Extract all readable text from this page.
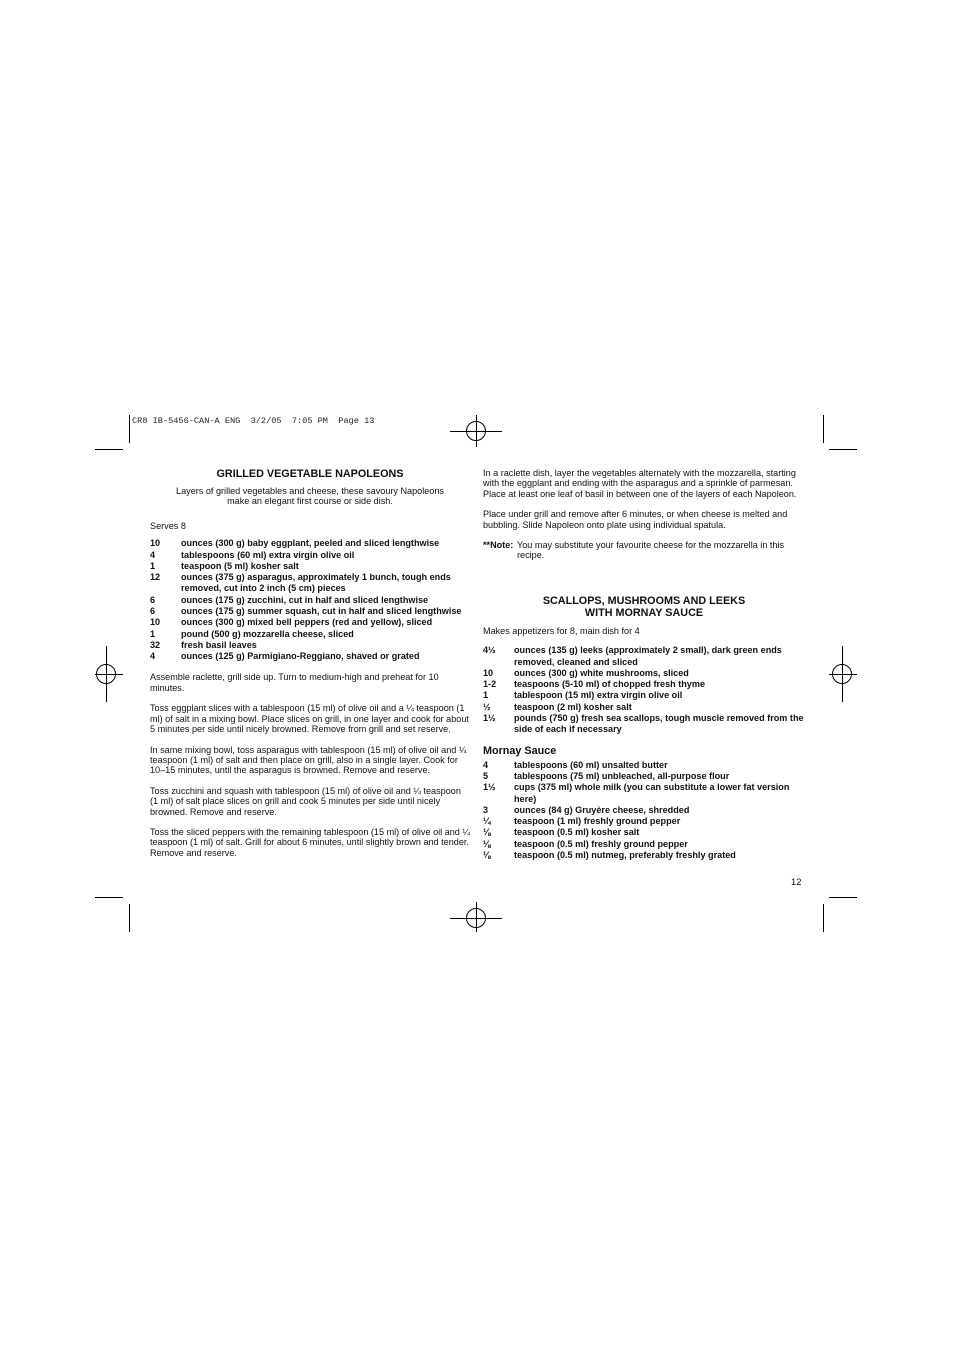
CR8 IB-5456-CAN-A ENG  3/2/05  7:05 PM  Page 13
GRILLED VEGETABLE NAPOLEONS
Layers of grilled vegetables and cheese, these savoury Napoleons
make an elegant first course or side dish.

Serves 8

10	ounces (300 g) baby eggplant, peeled and sliced lengthwise
4	tablespoons (60 ml) extra virgin olive oil
1	teaspoon (5 ml) kosher salt
12	ounces (375 g) asparagus, approximately 1 bunch, tough ends removed, cut into 2 inch (5 cm) pieces
6	ounces (175 g) zucchini, cut in half and sliced lengthwise
6	ounces (175 g) summer squash, cut in half and sliced lengthwise
10	ounces (300 g) mixed bell peppers (red and yellow), sliced
1	pound (500 g) mozzarella cheese, sliced
32	fresh basil leaves
4	ounces (125 g) Parmigiano-Reggiano, shaved or grated

Assemble raclette, grill side up. Turn to medium-high and preheat for 10 minutes.

Toss eggplant slices with a tablespoon (15 ml) of olive oil and a ¼ teaspoon (1 ml) of salt in a mixing bowl. Place slices on grill, in one layer and cook for about 5 minutes per side until nicely browned. Remove from grill and set reserve.

In same mixing bowl, toss asparagus with tablespoon (15 ml) of olive oil and ¼ teaspoon (1 ml) of salt and then place on grill, also in a single layer. Cook for 10–15 minutes, until the asparagus is browned. Remove and reserve.

Toss zucchini and squash with tablespoon (15 ml) of olive oil and ¼ teaspoon (1 ml) of salt place slices on grill and cook 5 minutes per side until nicely browned. Remove and reserve.

Toss the sliced peppers with the remaining tablespoon (15 ml) of olive oil and ¼ teaspoon (1 ml) of salt. Grill for about 6 minutes, until slightly brown and tender. Remove and reserve.

In a raclette dish, layer the vegetables alternately with the mozzarella, starting with the eggplant and ending with the asparagus and a sprinkle of parmesan. Place at least one leaf of basil in between one of the layers of each Napoleon.

Place under grill and remove after 6 minutes, or when cheese is melted and bubbling. Slide Napoleon onto plate using individual spatula.

**Note: You may substitute your favourite cheese for the mozzarella in this recipe.
SCALLOPS, MUSHROOMS AND LEEKS
WITH MORNAY SAUCE

Makes appetizers for 8, main dish for 4

4½	ounces (135 g) leeks (approximately 2 small), dark green ends removed, cleaned and sliced
10	ounces (300 g) white mushrooms, sliced
1-2	teaspoons (5-10 ml) of chopped fresh thyme
1	tablespoon (15 ml) extra virgin olive oil
½	teaspoon (2 ml) kosher salt
1½	pounds (750 g) fresh sea scallops, tough muscle removed from the side of each if necessary
Mornay Sauce
4	tablespoons (60 ml) unsalted butter
5	tablespoons (75 ml) unbleached, all-purpose flour
1½	cups (375 ml) whole milk (you can substitute a lower fat version here)
3	ounces (84 g) Gruyère cheese, shredded
¼	teaspoon (1 ml) freshly ground pepper
⅛	teaspoon (0.5 ml) kosher salt
⅛	teaspoon (0.5 ml) freshly ground pepper
⅛	teaspoon (0.5 ml) nutmeg, preferably freshly grated
12
